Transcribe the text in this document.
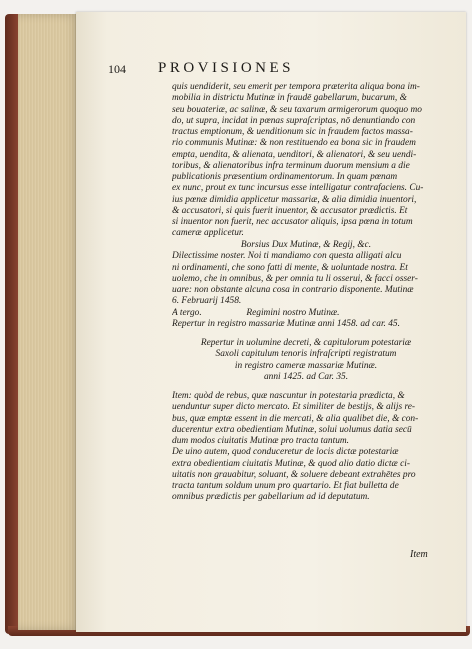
104 PROVISIONES
quis uendiderit, seu emerit per tempora præterita aliqua bona im-
mobilia in districtu Mutinæ in fraudē gabellarum, bucarum, &
seu bouateriæ, ac salinæ, & seu taxarum armigerorum quoquo mo
do, ut supra, incidat in pœnas supraſcriptas, nō denuntiando con
tractus emptionum, & uenditionum sic in fraudem factos massa-
rio communis Mutinæ: & non restituendo ea bona sic in fraudem
empta, uendita, & alienata, uenditori, & alienatori, & seu uendi-
toribus, & alienatoribus infra terminum duorum mensium a die
publicationis præsentium ordinamentorum. In quam pœnam
ex nunc, prout ex tunc incursus esse intelligatur contrafaciens. Cu-
ius pœnæ dimidia applicetur massariæ, & alia dimidia inuentori,
& accusatori, si quis fuerit inuentor, & accusator prædictis. Et
si inuentor non fuerit, nec accusator aliquis, ipsa pœna in totum
cameræ applicetur.
Borsius Dux Mutinæ, & Regij, &c.
Dilectissime noster. Noi ti mandiamo con questa alligati alcu
ni ordinamenti, che sono fatti di mente, & uoluntade nostra. Et
uolemo, che in omnibus, & per omnia tu li osserui, & facci osser-
uare: non obstante alcuna cosa in contrario disponente. Mutinæ
6. Februarij 1458.
A tergo.	Regimini nostro Mutinæ.
Repertur in registro massariæ Mutinæ anni 1458. ad car. 45.
Repertur in uolumine decreti, & capitulorum potestariæ
Saxoli capitulum tenoris infraſcripti registratum
in registro cameræ massariæ Mutinæ.
anni 1425. ad Car. 35.
Item: quòd de rebus, quæ nascuntur in potestaria prædicta, &
uenduntur super dicto mercato. Et similiter de bestijs, & alijs re-
bus, quæ emptæ essent in die mercati, & alia qualibet die, & con-
ducerentur extra obedientiam Mutinæ, solui uolumus datia secū
dum modos ciuitatis Mutinæ pro tracta tantum.
De uino autem, quod conduceretur de locis dictæ potestariæ
extra obedientiam ciuitatis Mutinæ, & quod alio datio dictæ ci-
uitatis non grauabitur, soluant, & soluere debeant extrahētes pro
tracta tantum soldum unum pro quartario. Et fiat bulletta de
omnibus prædictis per gabellarium ad id deputatum.
Item
